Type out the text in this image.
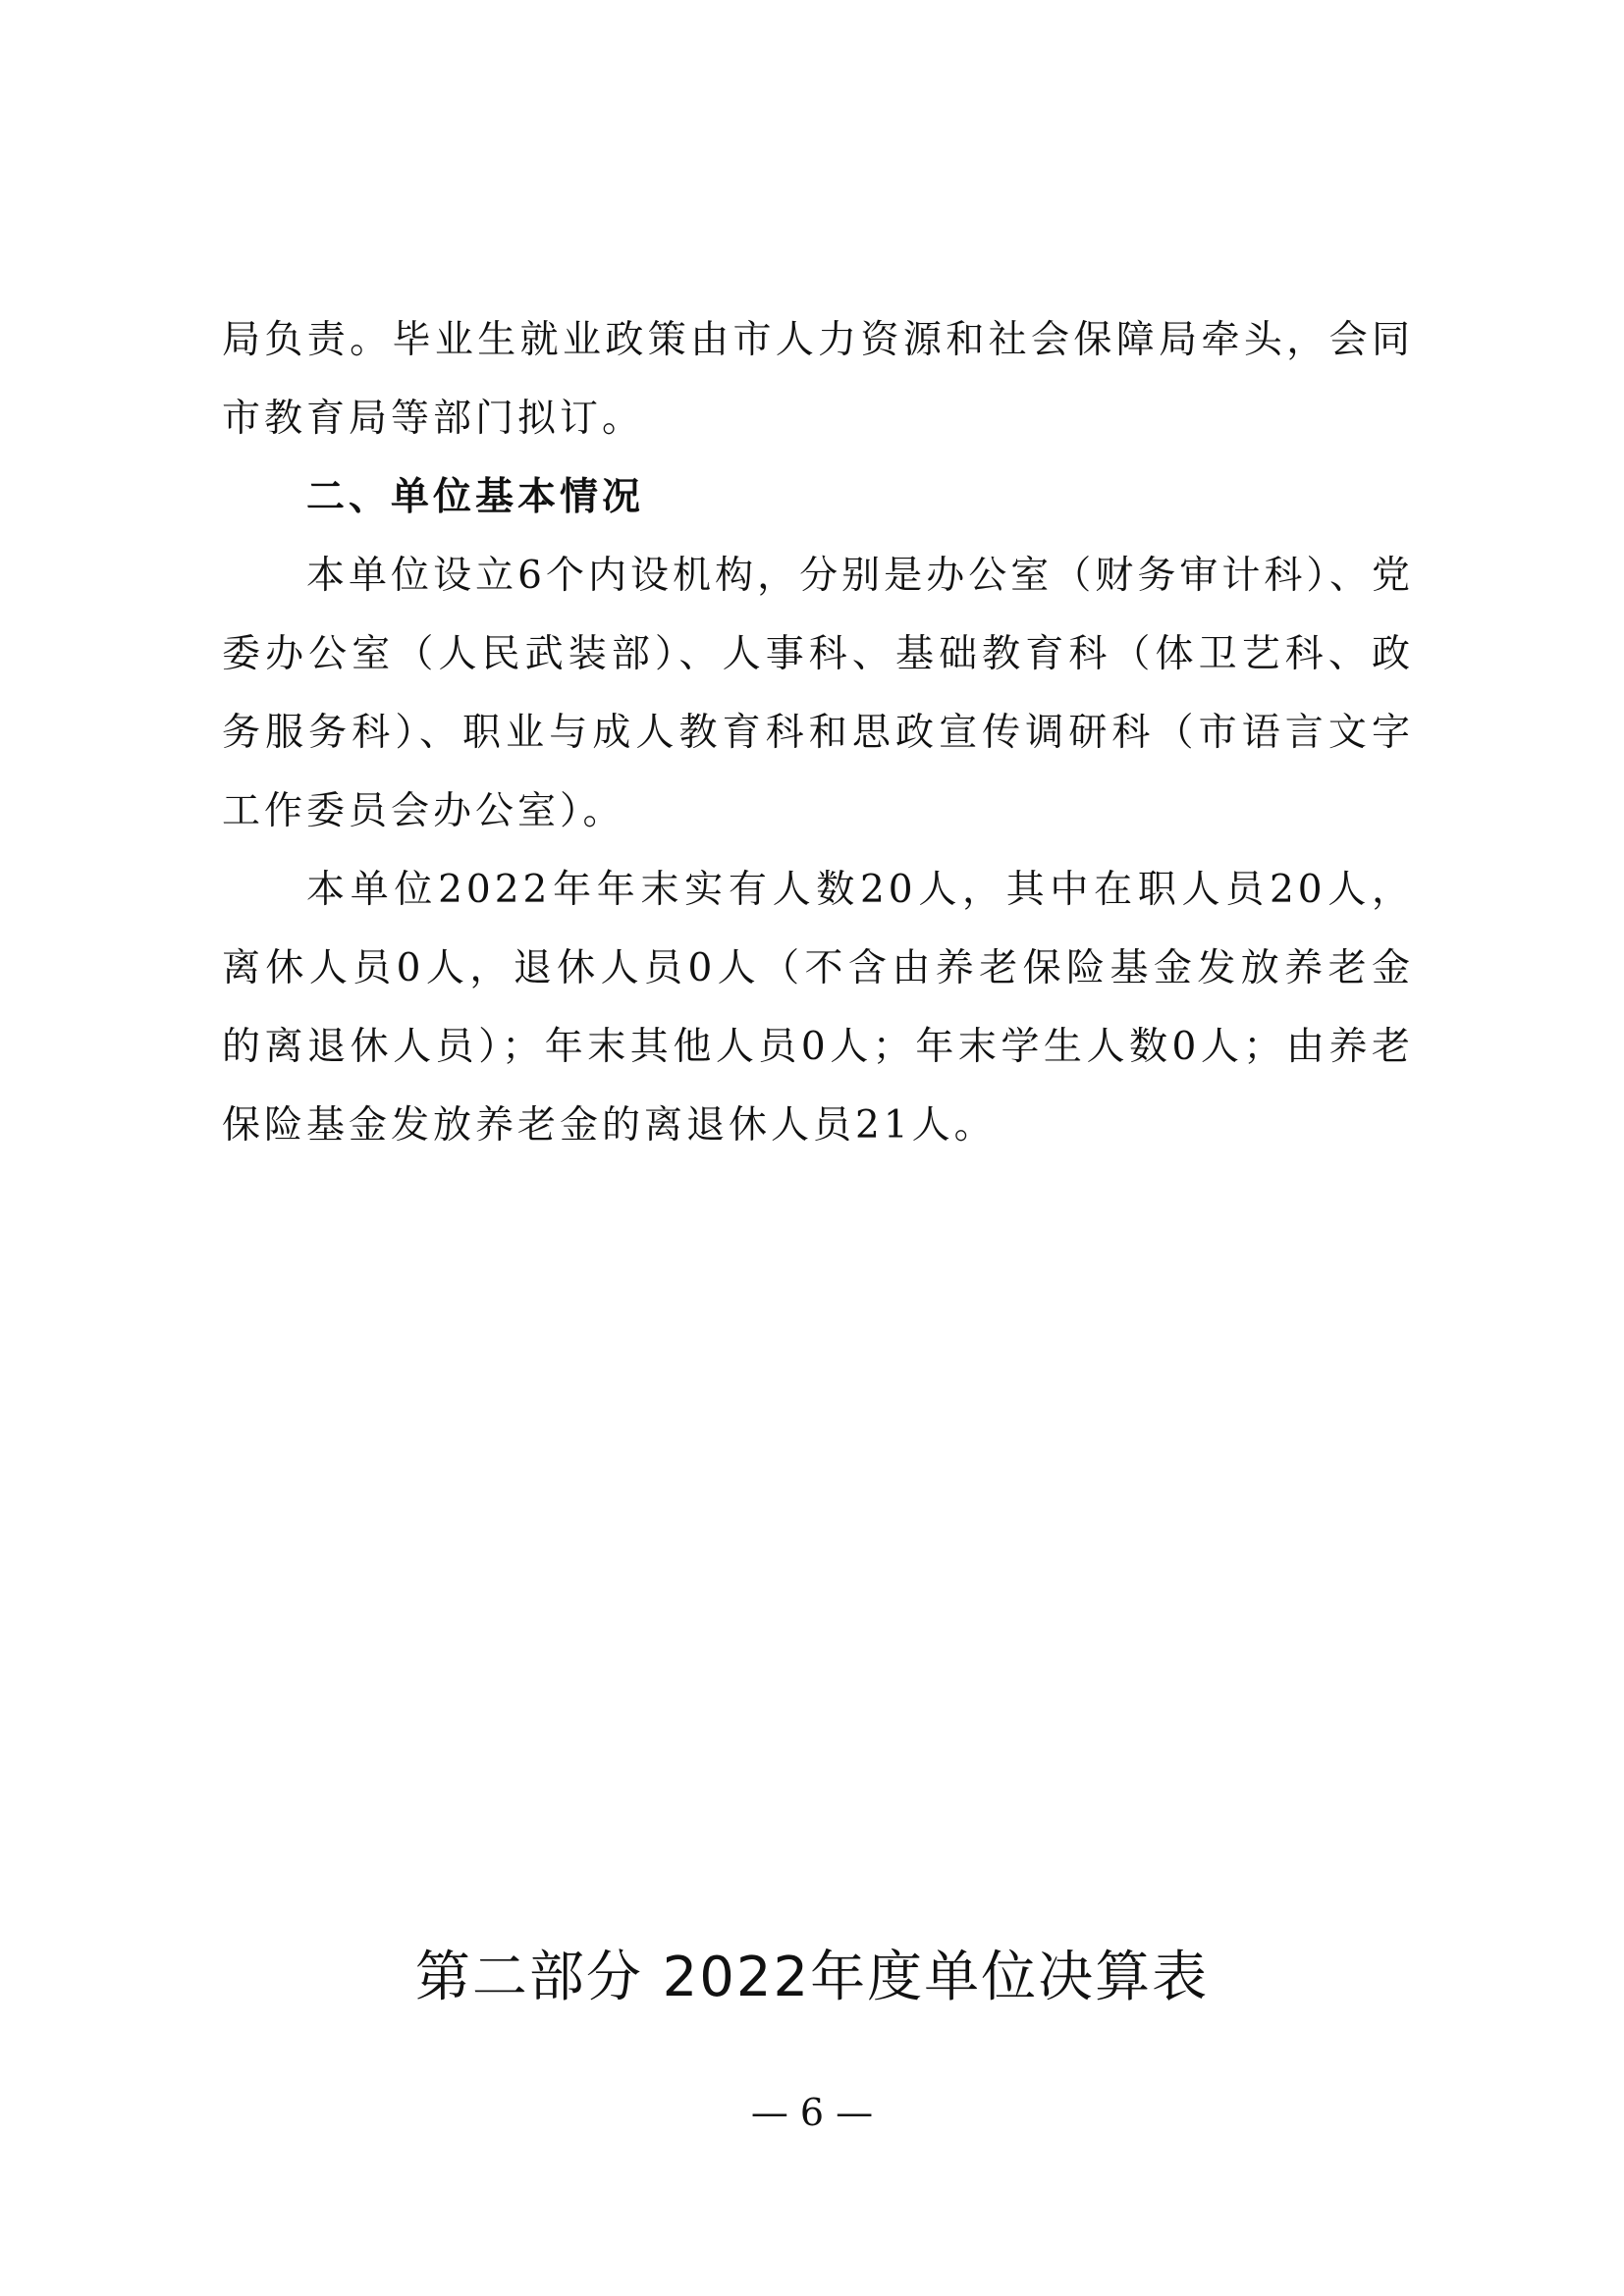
局负责。毕业生就业政策由市人力资源和社会保障局牵头，会同市教育局等部门拟订。

二、单位基本情况

本单位设立6个内设机构，分别是办公室（财务审计科）、党委办公室（人民武装部）、人事科、基础教育科（体卫艺科、政务服务科）、职业与成人教育科和思政宣传调研科（市语言文字工作委员会办公室）。

本单位2022年年末实有人数20人，其中在职人员20人，离休人员0人，退休人员0人（不含由养老保险基金发放养老金的离退休人员）；年末其他人员0人；年末学生人数0人；由养老保险基金发放养老金的离退休人员21人。

第二部分 2022年度单位决算表
— 6 —
